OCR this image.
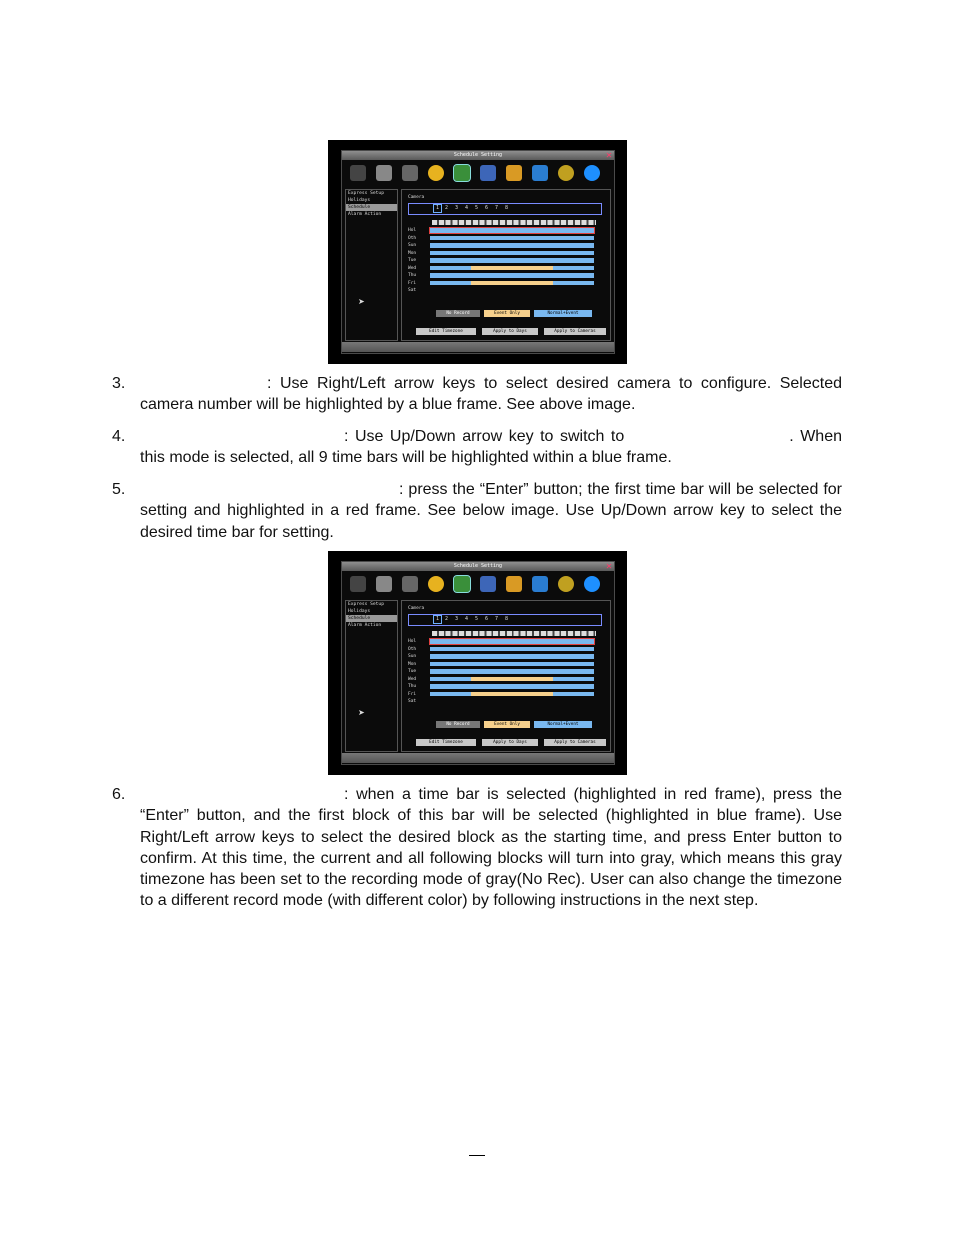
Schedule Setting	✕
Express Setup
Holidays
Schedule
Alarm Action
➤
Camera
1	2	3	4	5	6	7	8
Hol
Oth
Sun
Mon
Tue
Wed
Thu
Fri
Sat
No Record	Event Only	Normal+Event
Edit Timezone	Apply to Days	Apply to Cameras
3.	: Use Right/Left arrow keys to select desired camera to configure. Selected camera number will be highlighted by a blue frame. See above image.
4.	: Use Up/Down arrow key to switch to	. When this mode is selected, all 9 time bars will be highlighted within a blue frame.
5.	: press the “Enter” button; the first time bar will be selected for setting and highlighted in a red frame. See below image. Use Up/Down arrow key to select the desired time bar for setting.
Schedule Setting	✕
Express Setup
Holidays
Schedule
Alarm Action
➤
Camera
1	2	3	4	5	6	7	8
Hol
Oth
Sun
Mon
Tue
Wed
Thu
Fri
Sat
No Record	Event Only	Normal+Event
Edit Timezone	Apply to Days	Apply to Cameras
6.	: when a time bar is selected (highlighted in red frame), press the “Enter” button, and the first block of this bar will be selected (highlighted in blue frame). Use Right/Left arrow keys to select the desired block as the starting time, and press Enter button to confirm. At this time, the current and all following blocks will turn into gray, which means this gray timezone has been set to the recording mode of gray(No Rec). User can also change the timezone to a different record mode (with different color) by following instructions in the next step.
